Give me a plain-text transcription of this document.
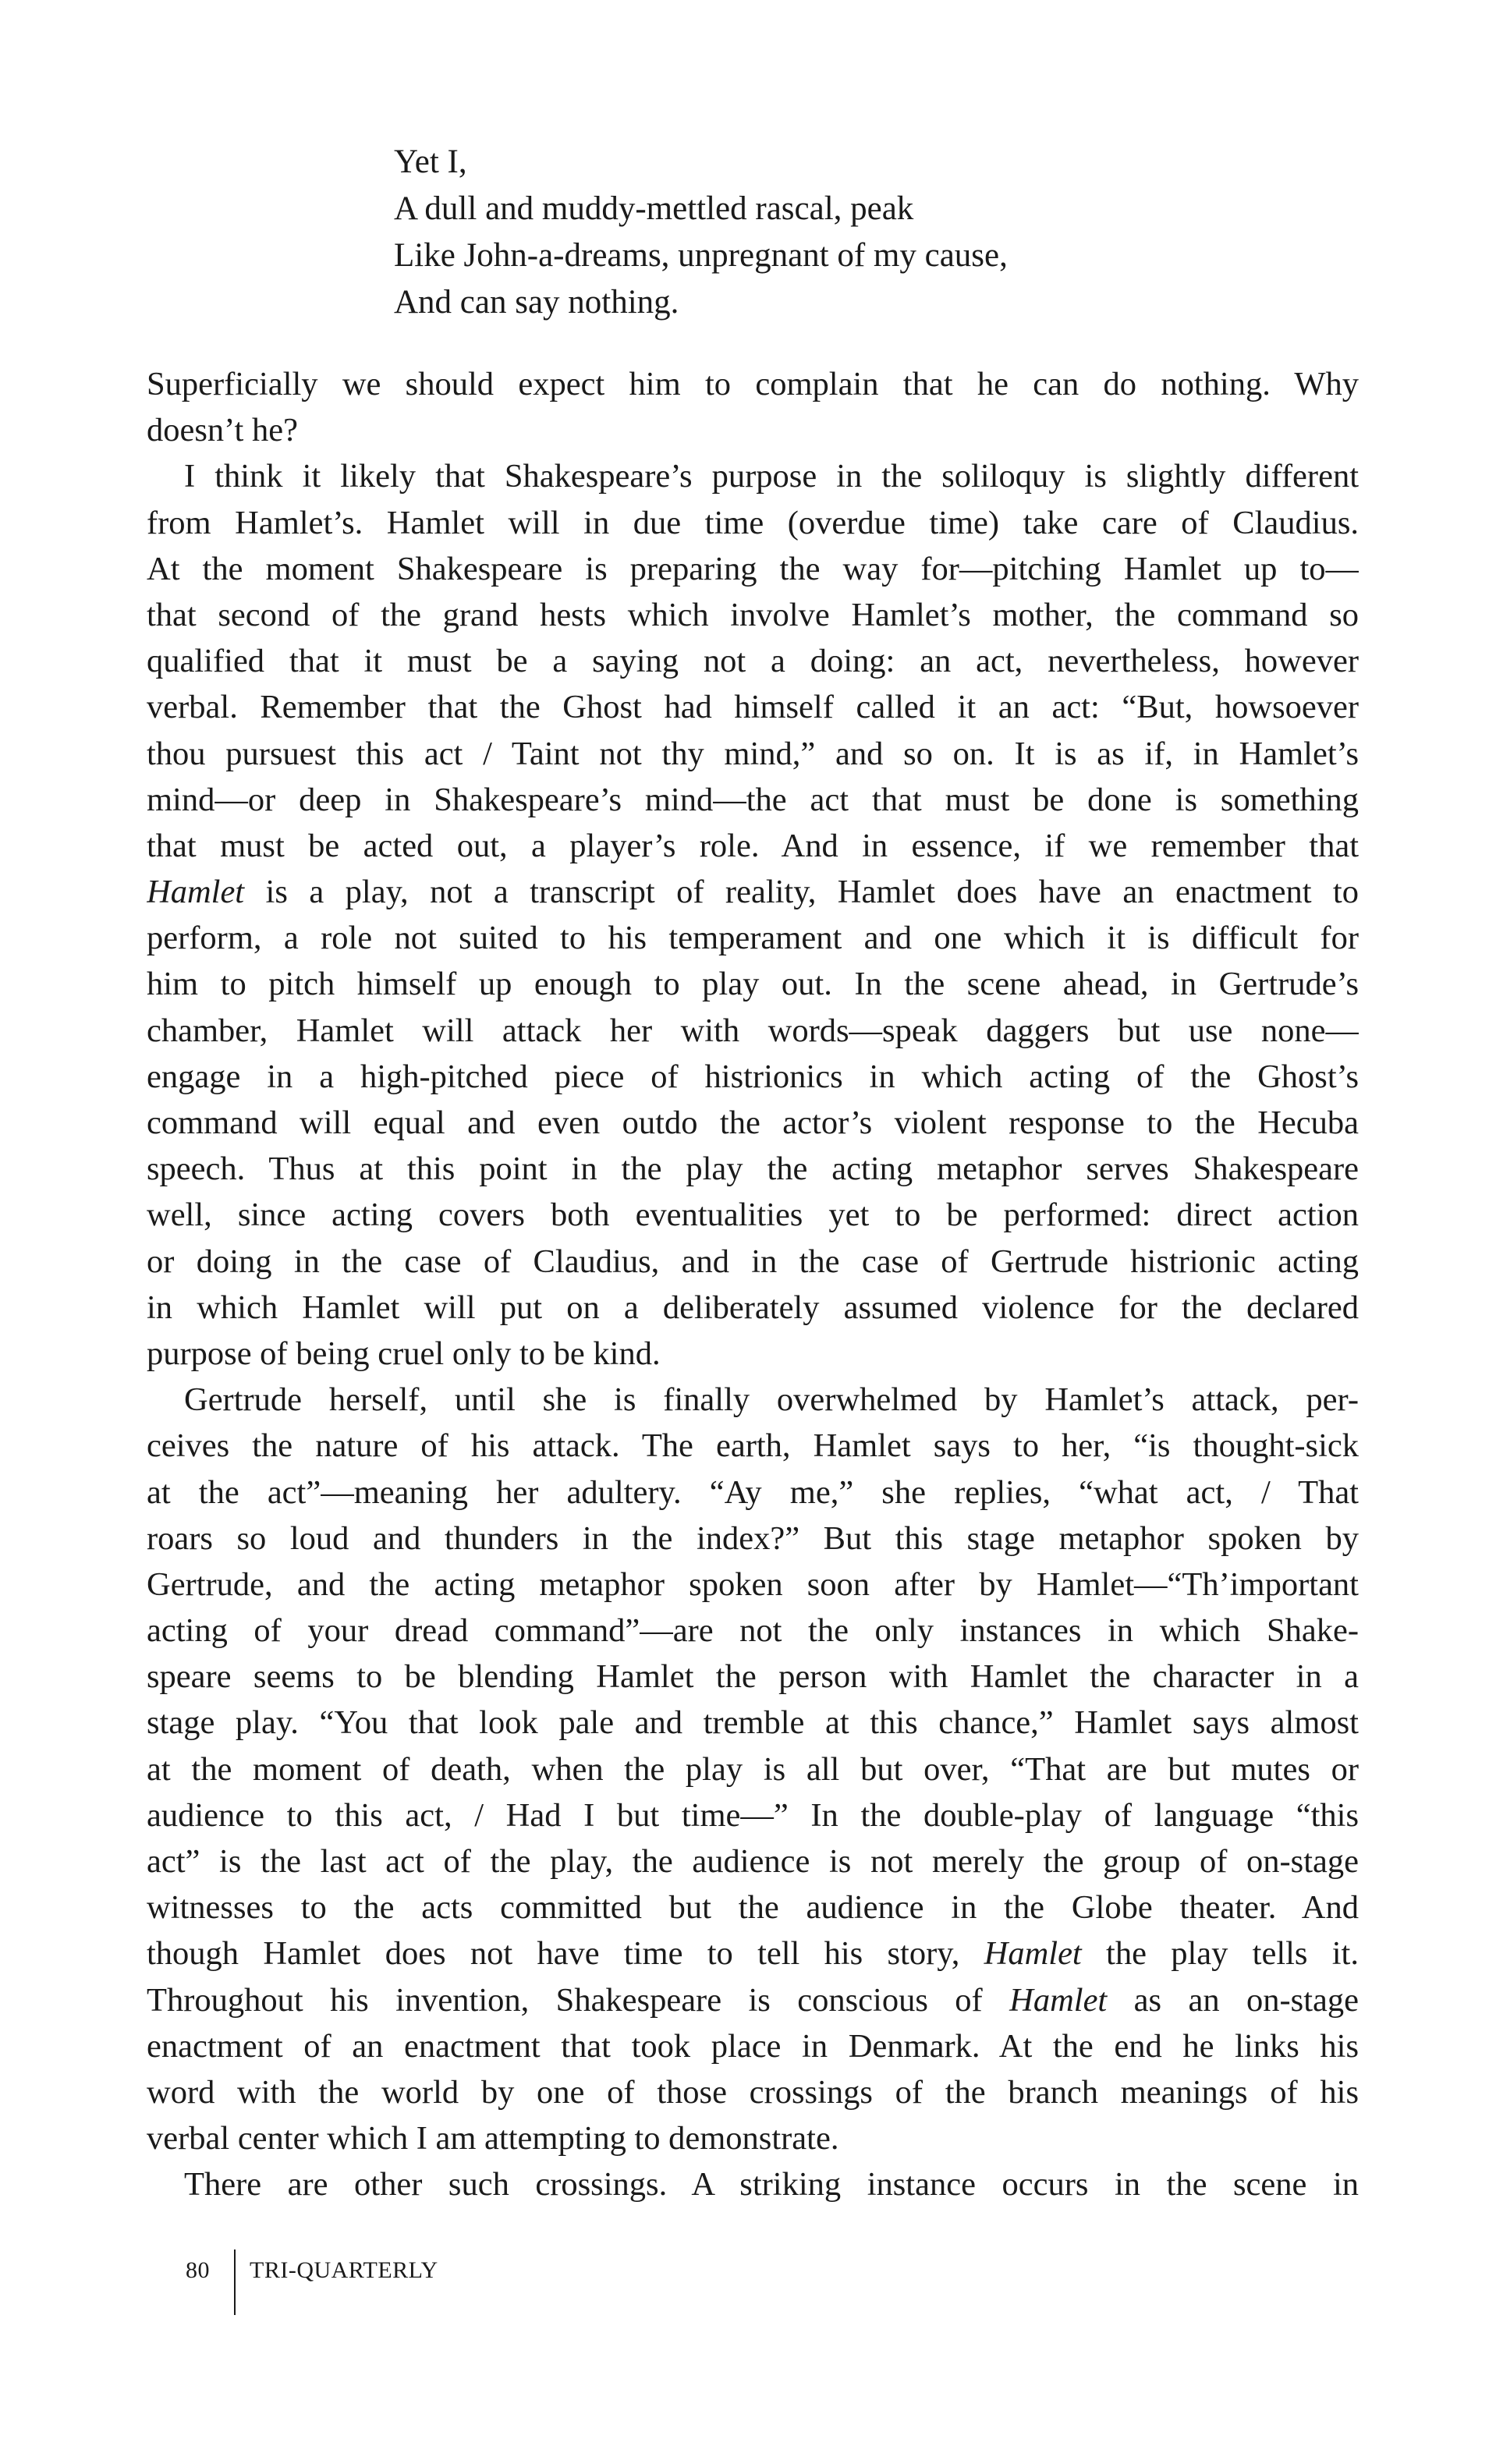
Yet I,
A dull and muddy-mettled rascal, peak
Like John-a-dreams, unpregnant of my cause,
And can say nothing.
Superficially we should expect him to complain that he can do nothing. Why
doesn’t he?
I think it likely that Shakespeare’s purpose in the soliloquy is slightly different
from Hamlet’s. Hamlet will in due time (overdue time) take care of Claudius.
At the moment Shakespeare is preparing the way for—pitching Hamlet up to—
that second of the grand hests which involve Hamlet’s mother, the command so
qualified that it must be a saying not a doing: an act, nevertheless, however
verbal. Remember that the Ghost had himself called it an act: “But, howsoever
thou pursuest this act / Taint not thy mind,” and so on. It is as if, in Hamlet’s
mind—or deep in Shakespeare’s mind—the act that must be done is something
that must be acted out, a player’s role. And in essence, if we remember that
Hamlet is a play, not a transcript of reality, Hamlet does have an enactment to
perform, a role not suited to his temperament and one which it is difficult for
him to pitch himself up enough to play out. In the scene ahead, in Gertrude’s
chamber, Hamlet will attack her with words—speak daggers but use none—
engage in a high-pitched piece of histrionics in which acting of the Ghost’s
command will equal and even outdo the actor’s violent response to the Hecuba
speech. Thus at this point in the play the acting metaphor serves Shakespeare
well, since acting covers both eventualities yet to be performed: direct action
or doing in the case of Claudius, and in the case of Gertrude histrionic acting
in which Hamlet will put on a deliberately assumed violence for the declared
purpose of being cruel only to be kind.
Gertrude herself, until she is finally overwhelmed by Hamlet’s attack, per-
ceives the nature of his attack. The earth, Hamlet says to her, “is thought-sick
at the act”—meaning her adultery. “Ay me,” she replies, “what act, / That
roars so loud and thunders in the index?” But this stage metaphor spoken by
Gertrude, and the acting metaphor spoken soon after by Hamlet—“Th’important
acting of your dread command”—are not the only instances in which Shake-
speare seems to be blending Hamlet the person with Hamlet the character in a
stage play. “You that look pale and tremble at this chance,” Hamlet says almost
at the moment of death, when the play is all but over, “That are but mutes or
audience to this act, / Had I but time—” In the double-play of language “this
act” is the last act of the play, the audience is not merely the group of on-stage
witnesses to the acts committed but the audience in the Globe theater. And
though Hamlet does not have time to tell his story, Hamlet the play tells it.
Throughout his invention, Shakespeare is conscious of Hamlet as an on-stage
enactment of an enactment that took place in Denmark. At the end he links his
word with the world by one of those crossings of the branch meanings of his
verbal center which I am attempting to demonstrate.
There are other such crossings. A striking instance occurs in the scene in
80 TRI-QUARTERLY
